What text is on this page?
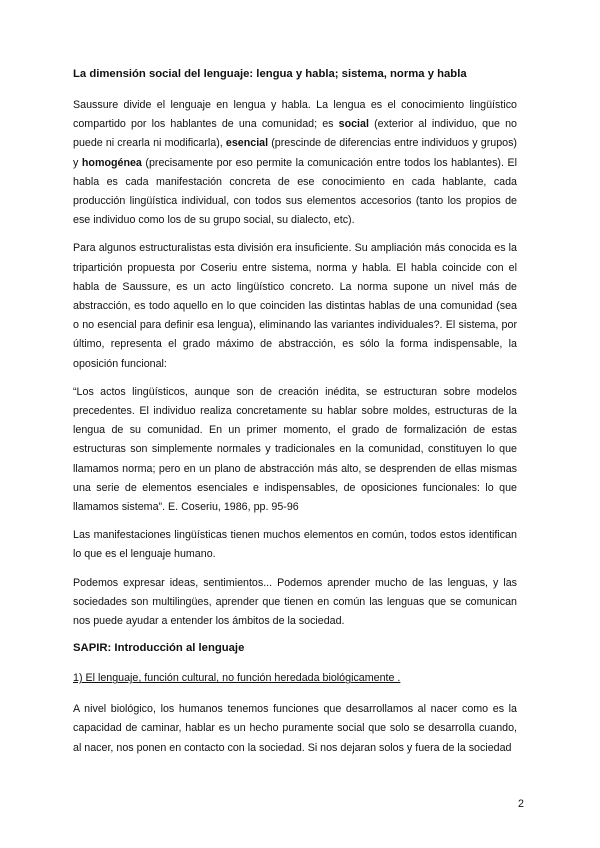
La dimensión social del lenguaje: lengua y habla; sistema, norma y habla

Saussure divide el lenguaje en lengua y habla. La lengua es el conocimiento lingüístico compartido por los hablantes de una comunidad; es social (exterior al individuo, que no puede ni crearla ni modificarla), esencial (prescinde de diferencias entre individuos y grupos) y homogénea (precisamente por eso permite la comunicación entre todos los hablantes). El habla es cada manifestación concreta de ese conocimiento en cada hablante, cada producción lingüística individual, con todos sus elementos accesorios (tanto los propios de ese individuo como los de su grupo social, su dialecto, etc).

Para algunos estructuralistas esta división era insuficiente. Su ampliación más conocida es la tripartición propuesta por Coseriu entre sistema, norma y habla. El habla coincide con el habla de Saussure, es un acto lingüístico concreto. La norma supone un nivel más de abstracción, es todo aquello en lo que coinciden las distintas hablas de una comunidad (sea o no esencial para definir esa lengua), eliminando las variantes individuales?. El sistema, por último, representa el grado máximo de abstracción, es sólo la forma indispensable, la oposición funcional:

“Los actos lingüísticos, aunque son de creación inédita, se estructuran sobre modelos precedentes. El individuo realiza concretamente su hablar sobre moldes, estructuras de la lengua de su comunidad. En un primer momento, el grado de formalización de estas estructuras son simplemente normales y tradicionales en la comunidad, constituyen lo que llamamos norma; pero en un plano de abstracción más alto, se desprenden de ellas mismas una serie de elementos esenciales e indispensables, de oposiciones funcionales: lo que llamamos sistema”. E. Coseriu, 1986, pp. 95-96

Las manifestaciones lingüísticas tienen muchos elementos en común, todos estos identifican lo que es el lenguaje humano.

Podemos expresar ideas, sentimientos... Podemos aprender mucho de las lenguas, y las sociedades son multilingües, aprender que tienen en común las lenguas que se comunican nos puede ayudar a entender los ámbitos de la sociedad.

SAPIR: Introducción al lenguaje
1) El lenguaje, función cultural, no función heredada biológicamente .

A nivel biológico, los humanos tenemos funciones que desarrollamos al nacer como es la capacidad de caminar, hablar es un hecho puramente social que solo se desarrolla cuando, al nacer, nos ponen en contacto con la sociedad. Si nos dejaran solos y fuera de la sociedad

2
